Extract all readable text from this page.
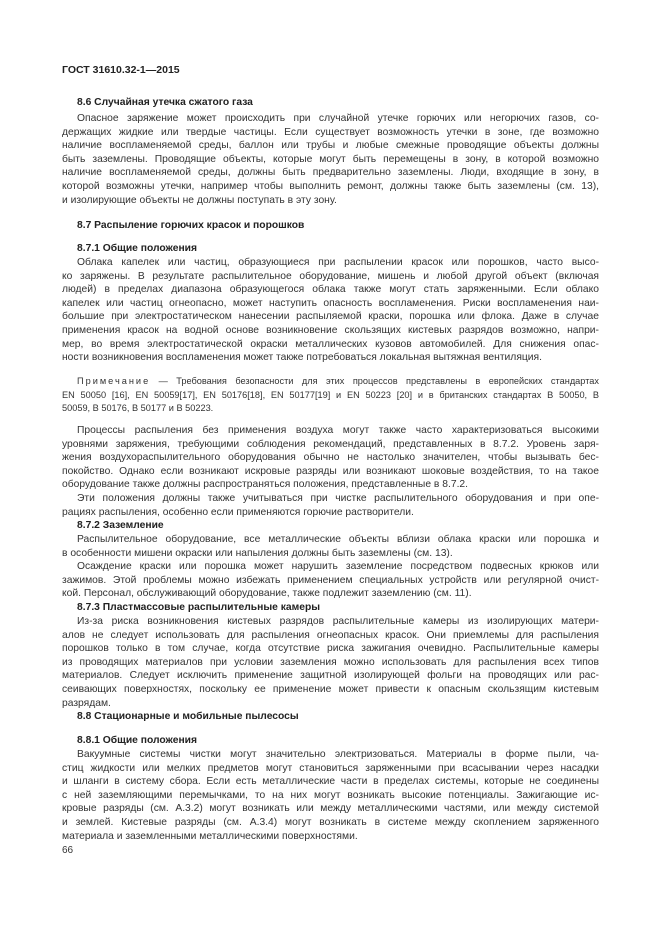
ГОСТ 31610.32-1—2015
8.6 Случайная утечка сжатого газа
Опасное заряжение может происходить при случайной утечке горючих или негорючих газов, со-
держащих жидкие или твердые частицы. Если существует возможность утечки в зоне, где возможно
наличие воспламеняемой среды, баллон или трубы и любые смежные проводящие объекты должны
быть заземлены. Проводящие объекты, которые могут быть перемещены в зону, в которой возможно
наличие воспламеняемой среды, должны быть предварительно заземлены. Люди, входящие в зону, в
которой возможны утечки, например чтобы выполнить ремонт, должны также быть заземлены (см. 13),
и изолирующие объекты не должны поступать в эту зону.
8.7 Распыление горючих красок и порошков
8.7.1 Общие положения
Облака капелек или частиц, образующиеся при распылении красок или порошков, часто высо-
ко заряжены. В результате распылительное оборудование, мишень и любой другой объект (включая
людей) в пределах диапазона образующегося облака также могут стать заряженными. Если облако
капелек или частиц огнеопасно, может наступить опасность воспламенения. Риски воспламенения наи-
большие при электростатическом нанесении распыляемой краски, порошка или флока. Даже в случае
применения красок на водной основе возникновение скользящих кистевых разрядов возможно, напри-
мер, во время электростатической окраски металлических кузовов автомобилей. Для снижения опас-
ности возникновения воспламенения может также потребоваться локальная вытяжная вентиляция.
Примечание — Требования безопасности для этих процессов представлены в европейских стандартах
EN 50050 [16], EN 50059[17], EN 50176[18], EN 50177[19] и EN 50223 [20] и в британских стандартах В 50050, В
50059, В 50176, В 50177 и В 50223.
Процессы распыления без применения воздуха могут также часто характеризоваться высокими
уровнями заряжения, требующими соблюдения рекомендаций, представленных в 8.7.2. Уровень заря-
жения воздухораспылительного оборудования обычно не настолько значителен, чтобы вызывать бес-
покойство. Однако если возникают искровые разряды или возникают шоковые воздействия, то на такое
оборудование также должны распространяться положения, представленные в 8.7.2.
Эти положения должны также учитываться при чистке распылительного оборудования и при опе-
рациях распыления, особенно если применяются горючие растворители.
8.7.2 Заземление
Распылительное оборудование, все металлические объекты вблизи облака краски или порошка и
в особенности мишени окраски или напыления должны быть заземлены (см. 13).
Осаждение краски или порошка может нарушить заземление посредством подвесных крюков или
зажимов. Этой проблемы можно избежать применением специальных устройств или регулярной очист-
кой. Персонал, обслуживающий оборудование, также подлежит заземлению (см. 11).
8.7.3 Пластмассовые распылительные камеры
Из-за риска возникновения кистевых разрядов распылительные камеры из изолирующих матери-
алов не следует использовать для распыления огнеопасных красок. Они приемлемы для распыления
порошков только в том случае, когда отсутствие риска зажигания очевидно. Распылительные камеры
из проводящих материалов при условии заземления можно использовать для распыления всех типов
материалов. Следует исключить применение защитной изолирующей фольги на проводящих или рас-
сеивающих поверхностях, поскольку ее применение может привести к опасным скользящим кистевым
разрядам.
8.8 Стационарные и мобильные пылесосы
8.8.1 Общие положения
Вакуумные системы чистки могут значительно электризоваться. Материалы в форме пыли, ча-
стиц жидкости или мелких предметов могут становиться заряженными при всасывании через насадки
и шланги в систему сбора. Если есть металлические части в пределах системы, которые не соединены
с ней заземляющими перемычками, то на них могут возникать высокие потенциалы. Зажигающие ис-
кровые разряды (см. А.3.2) могут возникать или между металлическими частями, или между системой
и землей. Кистевые разряды (см. А.3.4) могут возникать в системе между скоплением заряженного
материала и заземленными металлическими поверхностями.
66
